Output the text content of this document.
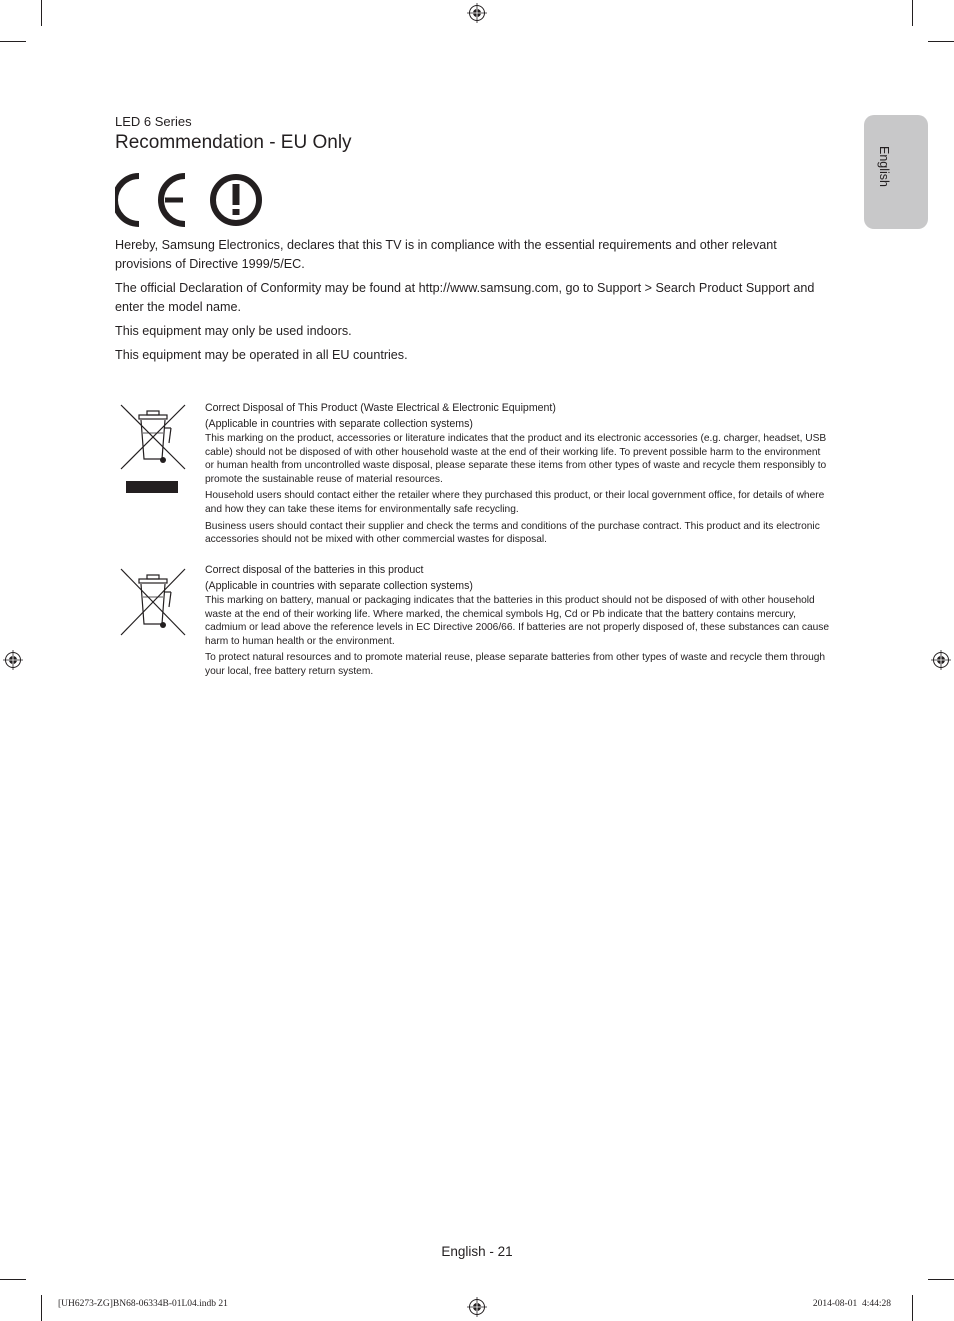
English
LED 6 Series
Recommendation - EU Only

Hereby, Samsung Electronics, declares that this TV is in compliance with the essential requirements and other relevant provisions of Directive 1999/5/EC.

The official Declaration of Conformity may be found at http://www.samsung.com, go to Support > Search Product Support and enter the model name.

This equipment may only be used indoors.

This equipment may be operated in all EU countries.

Correct Disposal of This Product (Waste Electrical & Electronic Equipment)
(Applicable in countries with separate collection systems)

This marking on the product, accessories or literature indicates that the product and its electronic accessories (e.g. charger, headset, USB cable) should not be disposed of with other household waste at the end of their working life. To prevent possible harm to the environment or human health from uncontrolled waste disposal, please separate these items from other types of waste and recycle them responsibly to promote the sustainable reuse of material resources.

Household users should contact either the retailer where they purchased this product, or their local government office, for details of where and how they can take these items for environmentally safe recycling.

Business users should contact their supplier and check the terms and conditions of the purchase contract. This product and its electronic accessories should not be mixed with other commercial wastes for disposal.

Correct disposal of the batteries in this product
(Applicable in countries with separate collection systems)

This marking on battery, manual or packaging indicates that the batteries in this product should not be disposed of with other household waste at the end of their working life. Where marked, the chemical symbols Hg, Cd or Pb indicate that the battery contains mercury, cadmium or lead above the reference levels in EC Directive 2006/66. If batteries are not properly disposed of, these substances can cause harm to human health or the environment.

To protect natural resources and to promote material reuse, please separate batteries from other types of waste and recycle them through your local, free battery return system.

English - 21
[UH6273-ZG]BN68-06334B-01L04.indb 21	2014-08-01 ️ 4:44:28
